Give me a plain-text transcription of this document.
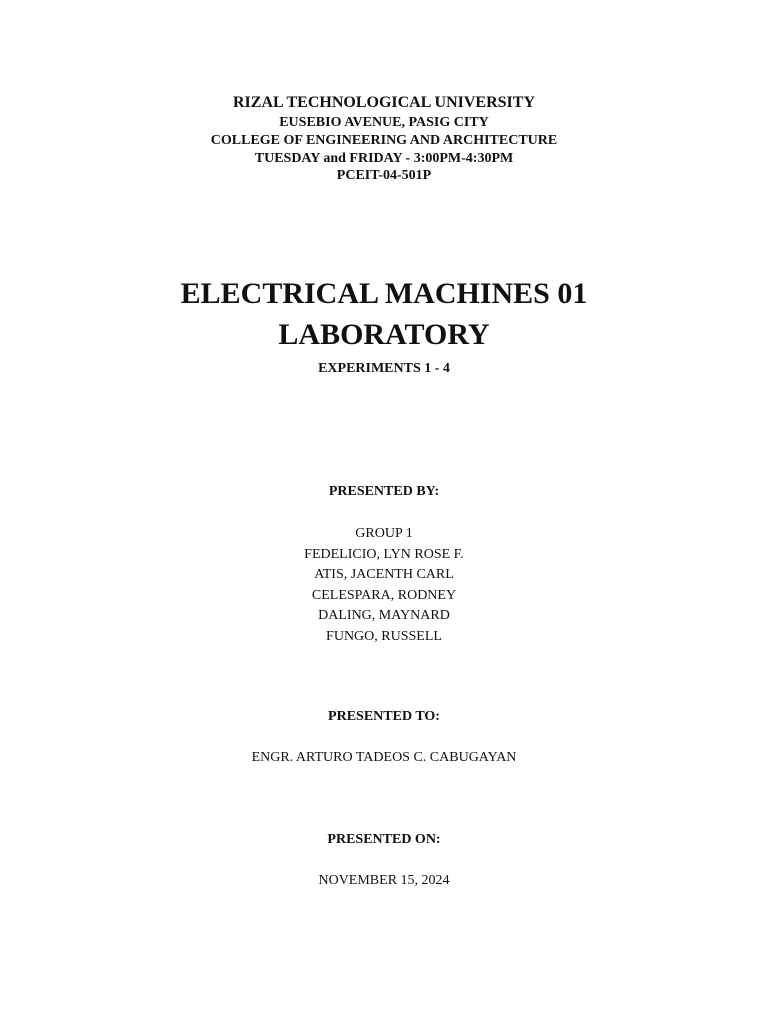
RIZAL TECHNOLOGICAL UNIVERSITY
EUSEBIO AVENUE, PASIG CITY
COLLEGE OF ENGINEERING AND ARCHITECTURE
TUESDAY and FRIDAY - 3:00PM-4:30PM
PCEIT-04-501P
ELECTRICAL MACHINES 01
LABORATORY
EXPERIMENTS 1 - 4
PRESENTED BY:
GROUP 1
FEDELICIO, LYN ROSE F.
ATIS, JACENTH CARL
CELESPARA, RODNEY
DALING, MAYNARD
FUNGO, RUSSELL
PRESENTED TO:
ENGR. ARTURO TADEOS C. CABUGAYAN
PRESENTED ON:
NOVEMBER 15, 2024
